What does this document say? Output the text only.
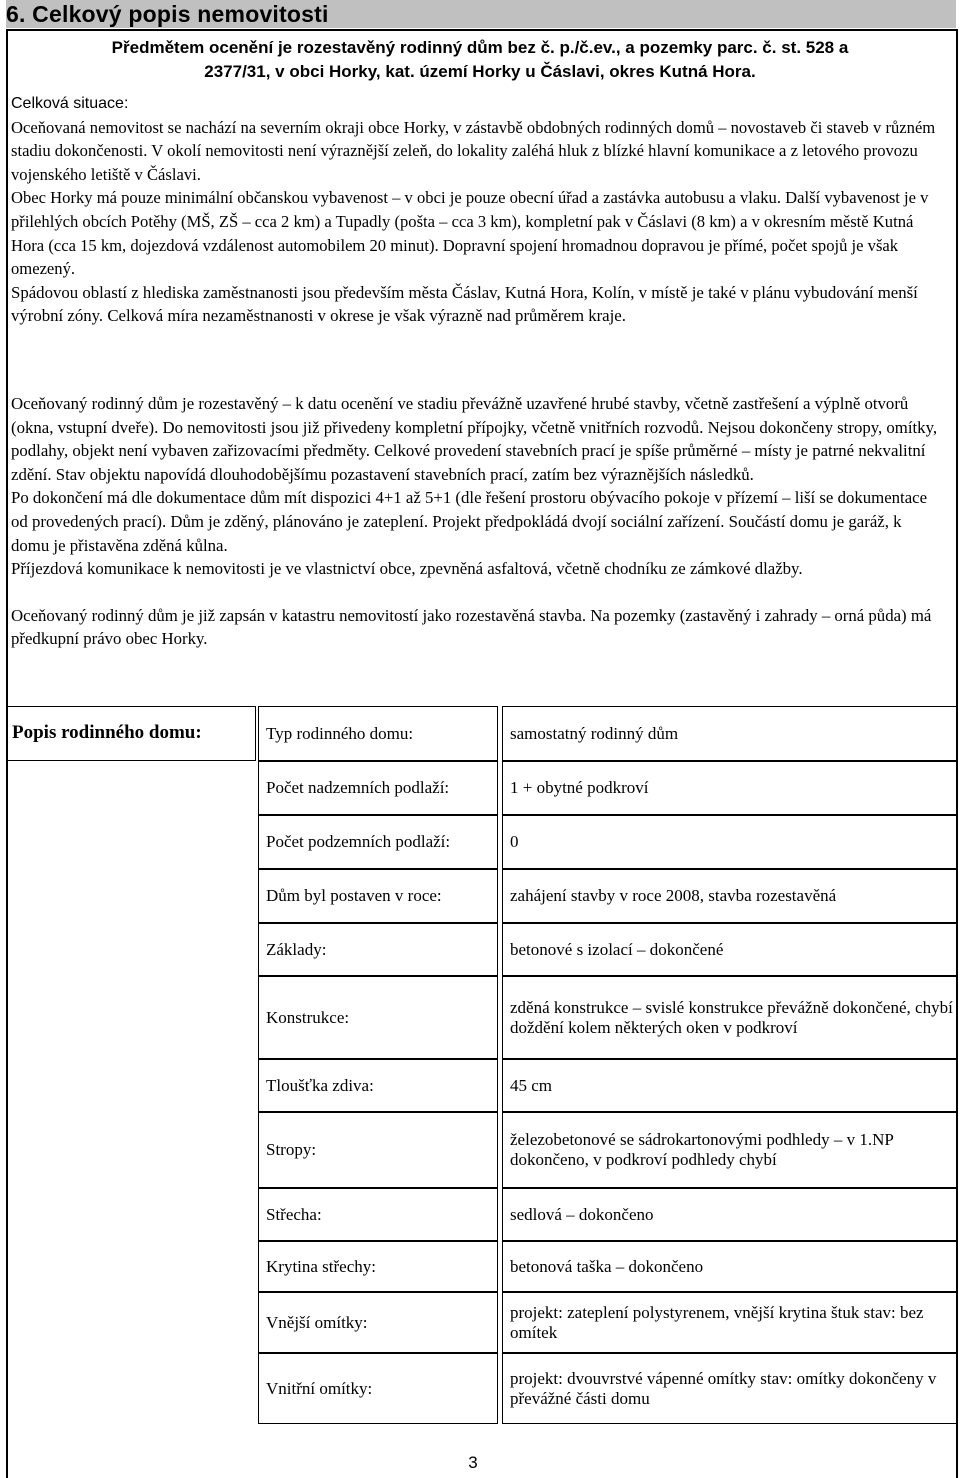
6. Celkový popis nemovitosti
Předmětem ocenění je rozestavěný rodinný dům bez č. p./č.ev., a pozemky parc. č. st. 528 a
2377/31, v obci Horky, kat. území Horky u Čáslavi, okres Kutná Hora.

Celková situace:

Oceňovaná nemovitost se nachází na severním okraji obce Horky, v zástavbě obdobných rodinných domů – novostaveb či staveb v různém stadiu dokončenosti. V okolí nemovitosti není výraznější zeleň, do lokality zaléhá hluk z blízké hlavní komunikace a z letového provozu vojenského letiště v Čáslavi.

Obec Horky má pouze minimální občanskou vybavenost – v obci je pouze obecní úřad a zastávka autobusu a vlaku. Další vybavenost je v přilehlých obcích Potěhy (MŠ, ZŠ – cca 2 km) a Tupadly (pošta – cca 3 km), kompletní pak v Čáslavi (8 km) a v okresním městě Kutná Hora (cca 15 km, dojezdová vzdálenost automobilem 20 minut). Dopravní spojení hromadnou dopravou je přímé, počet spojů je však omezený.

Spádovou oblastí z hlediska zaměstnanosti jsou především města Čáslav, Kutná Hora, Kolín, v místě je také v plánu vybudování menší výrobní zóny. Celková míra nezaměstnanosti v okrese je však výrazně nad průměrem kraje.

Oceňovaný rodinný dům je rozestavěný – k datu ocenění ve stadiu převážně uzavřené hrubé stavby, včetně zastřešení a výplně otvorů (okna, vstupní dveře). Do nemovitosti jsou již přivedeny kompletní přípojky, včetně vnitřních rozvodů. Nejsou dokončeny stropy, omítky, podlahy, objekt není vybaven zařizovacími předměty. Celkové provedení stavebních prací je spíše průměrné – místy je patrné nekvalitní zdění. Stav objektu napovídá dlouhodobějšímu pozastavení stavebních prací, zatím bez výraznějších následků.

Po dokončení má dle dokumentace dům mít dispozici 4+1 až 5+1 (dle řešení prostoru obývacího pokoje v přízemí – liší se dokumentace od provedených prací). Dům je zděný, plánováno je zateplení. Projekt předpokládá dvojí sociální zařízení. Součástí domu je garáž, k domu je přistavěna zděná kůlna.

Příjezdová komunikace k nemovitosti je ve vlastnictví obce, zpevněná asfaltová, včetně chodníku ze zámkové dlažby.

Oceňovaný rodinný dům je již zapsán v katastru nemovitostí jako rozestavěná stavba. Na pozemky (zastavěný i zahrady – orná půda) má předkupní právo obec Horky.

Popis rodinného domu:	Typ rodinného domu:	samostatný rodinný dům
Počet nadzemních podlaží:	1 + obytné podkroví
Počet podzemních podlaží:	0
Dům byl postaven v roce:	zahájení stavby v roce 2008, stavba rozestavěná
Základy:	betonové s izolací – dokončené
Konstrukce:
zděná konstrukce – svislé konstrukce převážně dokončené, chybí doždění kolem některých oken v podkroví
Tloušťka zdiva:	45 cm
Stropy:
železobetonové se sádrokartonovými podhledy – v 1.NP dokončeno, v podkroví podhledy chybí
Střecha:	sedlová – dokončeno
Krytina střechy:	betonová taška – dokončeno
Vnější omítky:
projekt: zateplení polystyrenem, vnější krytina štuk stav: bez omítek
Vnitřní omítky:
projekt: dvouvrstvé vápenné omítky stav: omítky dokončeny v převážné části domu
3
